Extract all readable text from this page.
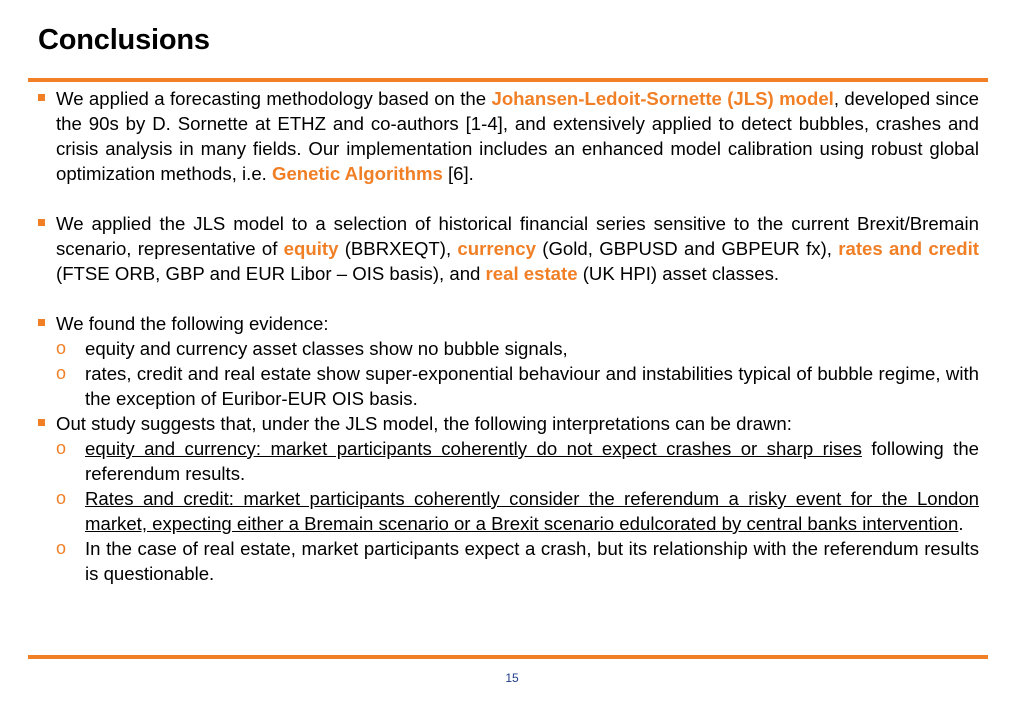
Conclusions
We applied a forecasting methodology based on the Johansen-Ledoit-Sornette (JLS) model, developed since the 90s by D. Sornette at ETHZ and co-authors [1-4], and extensively applied to detect bubbles, crashes and crisis analysis in many fields. Our implementation includes an enhanced model calibration using robust global optimization methods, i.e. Genetic Algorithms [6].
We applied the JLS model to a selection of historical financial series sensitive to the current Brexit/Bremain scenario, representative of equity (BBRXEQT), currency (Gold, GBPUSD and GBPEUR fx), rates and credit (FTSE ORB, GBP and EUR Libor – OIS basis), and real estate (UK HPI) asset classes.
We found the following evidence:
o equity and currency asset classes show no bubble signals,
o rates, credit and real estate show super-exponential behaviour and instabilities typical of bubble regime, with the exception of Euribor-EUR OIS basis.
Out study suggests that, under the JLS model, the following interpretations can be drawn:
o equity and currency: market participants coherently do not expect crashes or sharp rises following the referendum results.
o Rates and credit: market participants coherently consider the referendum a risky event for the London market, expecting either a Bremain scenario or a Brexit scenario edulcorated by central banks intervention.
o In the case of real estate, market participants expect a crash, but its relationship with the referendum results is questionable.
15
